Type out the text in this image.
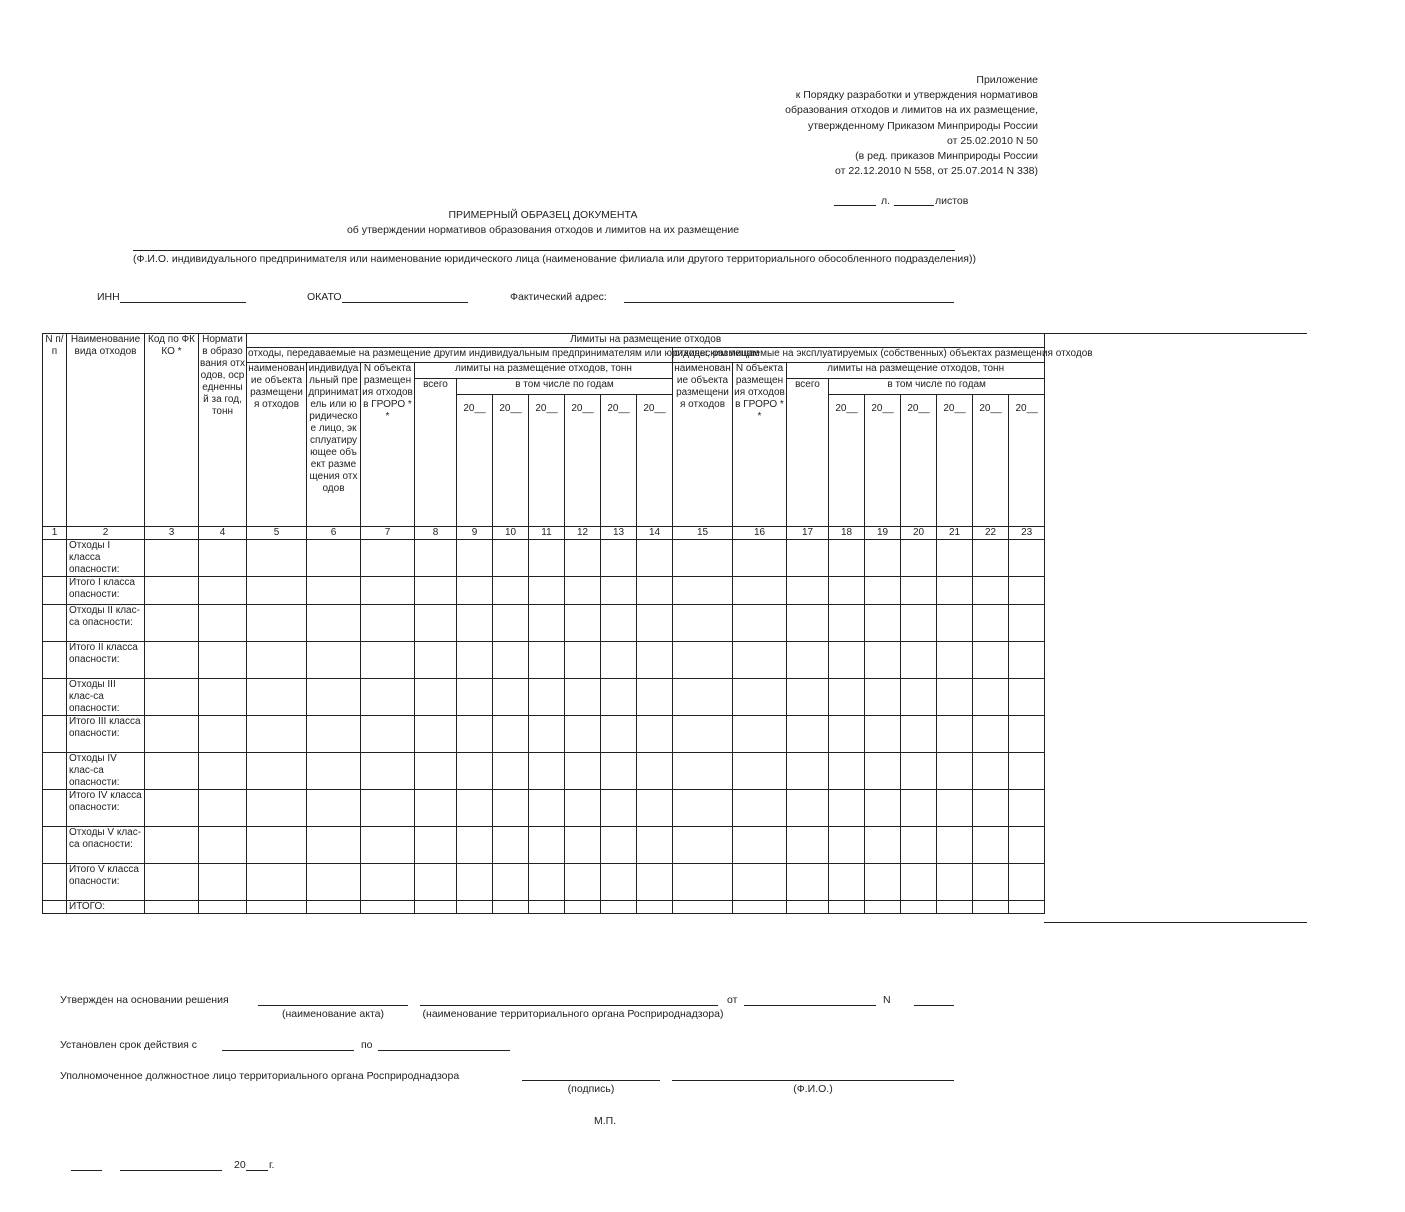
Приложение
к Порядку разработки и утверждения нормативов
образования отходов и лимитов на их размещение,
утвержденному Приказом Минприроды России
от 25.02.2010 N 50
(в ред. приказов Минприроды России
от 22.12.2010 N 558, от 25.07.2014 N 338)
л.	листов
ПРИМЕРНЫЙ ОБРАЗЕЦ ДОКУМЕНТА
об утверждении нормативов образования отходов и лимитов на их размещение
(Ф.И.О. индивидуального предпринимателя или наименование юридического лица (наименование филиала или другого территориального обособленного подразделения))
ИНН	ОКАТО	Фактический адрес:
N п/п	Наименование вида отходов	Код по ФККО *	Норматив образования отходов, осредненный за год, тонн	Лимиты на размещение отходов																		
				отходы, передаваемые на размещение другим индивидуальным предпринимателям или юридическим лицам										отходы, размещаемые на эксплуатируемых (собственных) объектах размещения отходов								
				наименование объекта размещения отходов	индивидуальный предприниматель или юридическое лицо, эксплуатирующее объект размещения отходов	N объекта размещения отходов в ГРОРО **	лимиты на размещение отходов, тонн							наименование объекта размещения отходов	N объекта размещения отходов в ГРОРО **	лимиты на размещение отходов, тонн						
							всего	в том числе по годам								всего	в том числе по годам					
								20__	20__	20__	20__	20__	20__				20__	20__	20__	20__	20__	20__
1	2	3	4	5	6	7	8	9	10	11	12	13	14	15	16	17	18	19	20	21	22	23
	Отходы I класса опасности:																					
	Итого I класса опасности:																					
	Отходы II клас-са опасности:																					
	Итого II класса опасности:																					
	Отходы III клас-са опасности:																					
	Итого III класса опасности:																					
	Отходы IV клас-са опасности:																					
	Итого IV класса опасности:																					
	Отходы V клас-са опасности:																					
	Итого V класса опасности:																					
	ИТОГО:																					
Утвержден на основании решения	от	N
(наименование акта)	(наименование территориального органа Росприроднадзора)
Установлен срок действия с	по
Уполномоченное должностное лицо территориального органа Росприроднадзора
(подпись)	(Ф.И.О.)
М.П.
20 г.
